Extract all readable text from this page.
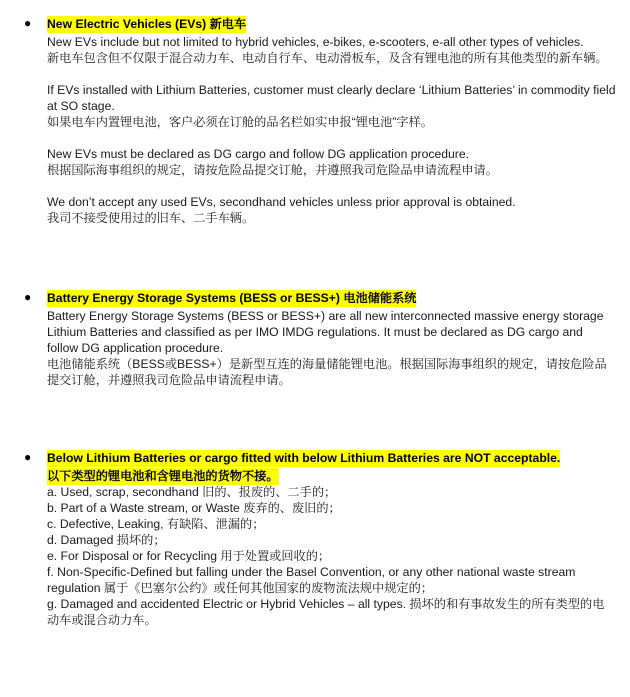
● New Electric Vehicles (EVs) 新电车

New EVs include but not limited to hybrid vehicles, e-bikes, e-scooters, e-all other types of vehicles.

新电车包含但不仅限于混合动力车、电动自行车、电动滑板车，及含有锂电池的所有其他类型的新车辆。

If EVs installed with Lithium Batteries, customer must clearly declare ‘Lithium Batteries’ in commodity field at SO stage.

如果电车内置锂电池，客户必须在订舱的品名栏如实申报“锂电池”字样。

New EVs must be declared as DG cargo and follow DG application procedure.

根据国际海事组织的规定，请按危险品提交订舱，并遵照我司危险品申请流程申请。

We don’t accept any used EVs, secondhand vehicles unless prior approval is obtained.

我司不接受使用过的旧车、二手车辆。

● Battery Energy Storage Systems (BESS or BESS+) 电池储能系统

Battery Energy Storage Systems (BESS or BESS+) are all new interconnected massive energy storage Lithium Batteries and classified as per IMO IMDG regulations. It must be declared as DG cargo and follow DG application procedure.

电池储能系统（BESS或BESS+）是新型互连的海量储能锂电池。根据国际海事组织的规定，请按危险品提交订舱，并遵照我司危险品申请流程申请。

● Below Lithium Batteries or cargo fitted with below Lithium Batteries are NOT acceptable.

以下类型的锂电池和含锂电池的货物不接。

a. Used, scrap, secondhand 旧的、报废的、二手的；

b. Part of a Waste stream, or Waste 废弃的、废旧的；

c. Defective, Leaking, 有缺陷、泄漏的；

d. Damaged 损坏的；

e. For Disposal or for Recycling 用于处置或回收的；

f. Non-Specific-Defined but falling under the Basel Convention, or any other national waste stream regulation 属于《巴塞尔公约》或任何其他国家的废物流法规中规定的；

g. Damaged and accidented Electric or Hybrid Vehicles – all types. 损坏的和有事故发生的所有类型的电动车或混合动力车。
